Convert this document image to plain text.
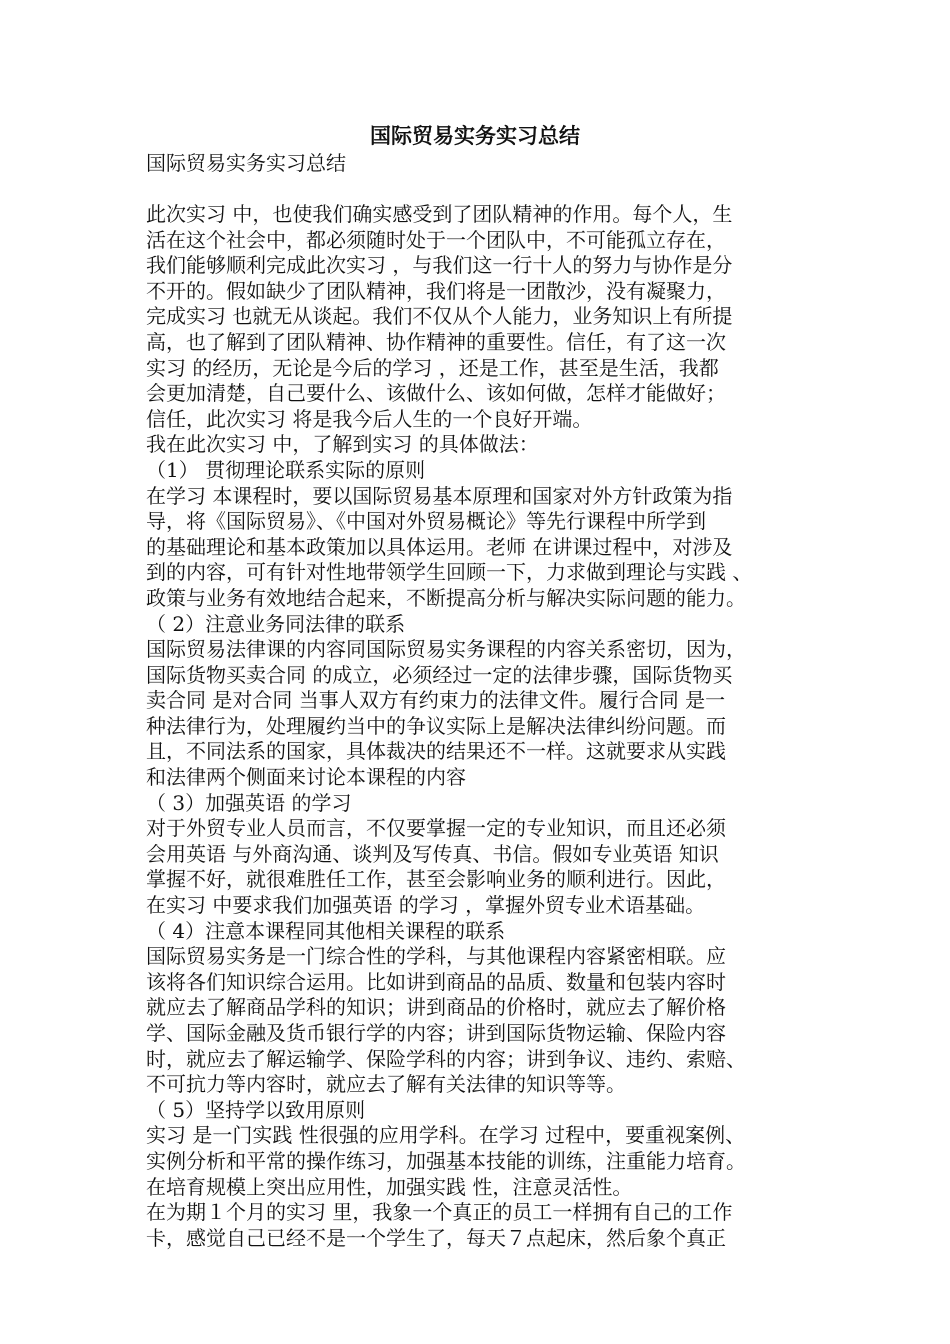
国际贸易实务实习总结
国际贸易实务实习总结
此次实习 中，也使我们确实感受到了团队精神的作用。每个人，生
活在这个社会中，都必须随时处于一个团队中，不可能孤立存在，
我们能够顺利完成此次实习 ，与我们这一行十人的努力与协作是分
不开的。假如缺少了团队精神，我们将是一团散沙，没有凝聚力，
完成实习 也就无从谈起。我们不仅从个人能力，业务知识上有所提
高，也了解到了团队精神、协作精神的重要性。信任，有了这一次
实习 的经历，无论是今后的学习 ，还是工作，甚至是生活，我都
会更加清楚，自己要什么、该做什么、该如何做，怎样才能做好；
信任，此次实习 将是我今后人生的一个良好开端。
我在此次实习 中，了解到实习 的具体做法：
（1） 贯彻理论联系实际的原则
在学习 本课程时，要以国际贸易基本原理和国家对外方针政策为指
导，将《国际贸易》、《中国对外贸易概论》等先行课程中所学到
的基础理论和基本政策加以具体运用。老师 在讲课过程中，对涉及
到的内容，可有针对性地带领学生回顾一下，力求做到理论与实践 、
政策与业务有效地结合起来，不断提高分析与解决实际问题的能力。
（ 2）注意业务同法律的联系
国际贸易法律课的内容同国际贸易实务课程的内容关系密切，因为，
国际货物买卖合同 的成立，必须经过一定的法律步骤，国际货物买
卖合同 是对合同 当事人双方有约束力的法律文件。履行合同 是一
种法律行为，处理履约当中的争议实际上是解决法律纠纷问题。而
且，不同法系的国家，具体裁决的结果还不一样。这就要求从实践
和法律两个侧面来讨论本课程的内容
（ 3）加强英语 的学习
对于外贸专业人员而言，不仅要掌握一定的专业知识，而且还必须
会用英语 与外商沟通、谈判及写传真、书信。假如专业英语 知识
掌握不好，就很难胜任工作，甚至会影响业务的顺利进行。因此，
在实习 中要求我们加强英语 的学习 ，掌握外贸专业术语基础。
（ 4）注意本课程同其他相关课程的联系
国际贸易实务是一门综合性的学科，与其他课程内容紧密相联。应
该将各们知识综合运用。比如讲到商品的品质、数量和包装内容时
就应去了解商品学科的知识；讲到商品的价格时，就应去了解价格
学、国际金融及货币银行学的内容；讲到国际货物运输、保险内容
时，就应去了解运输学、保险学科的内容；讲到争议、违约、索赔、
不可抗力等内容时，就应去了解有关法律的知识等等。
（ 5）坚持学以致用原则
实习 是一门实践 性很强的应用学科。在学习 过程中，要重视案例、
实例分析和平常的操作练习，加强基本技能的训练，注重能力培育。
在培育规模上突出应用性，加强实践 性，注意灵活性。
在为期１个月的实习 里，我象一个真正的员工一样拥有自己的工作
卡，感觉自己已经不是一个学生了，每天７点起床，然后象个真正
